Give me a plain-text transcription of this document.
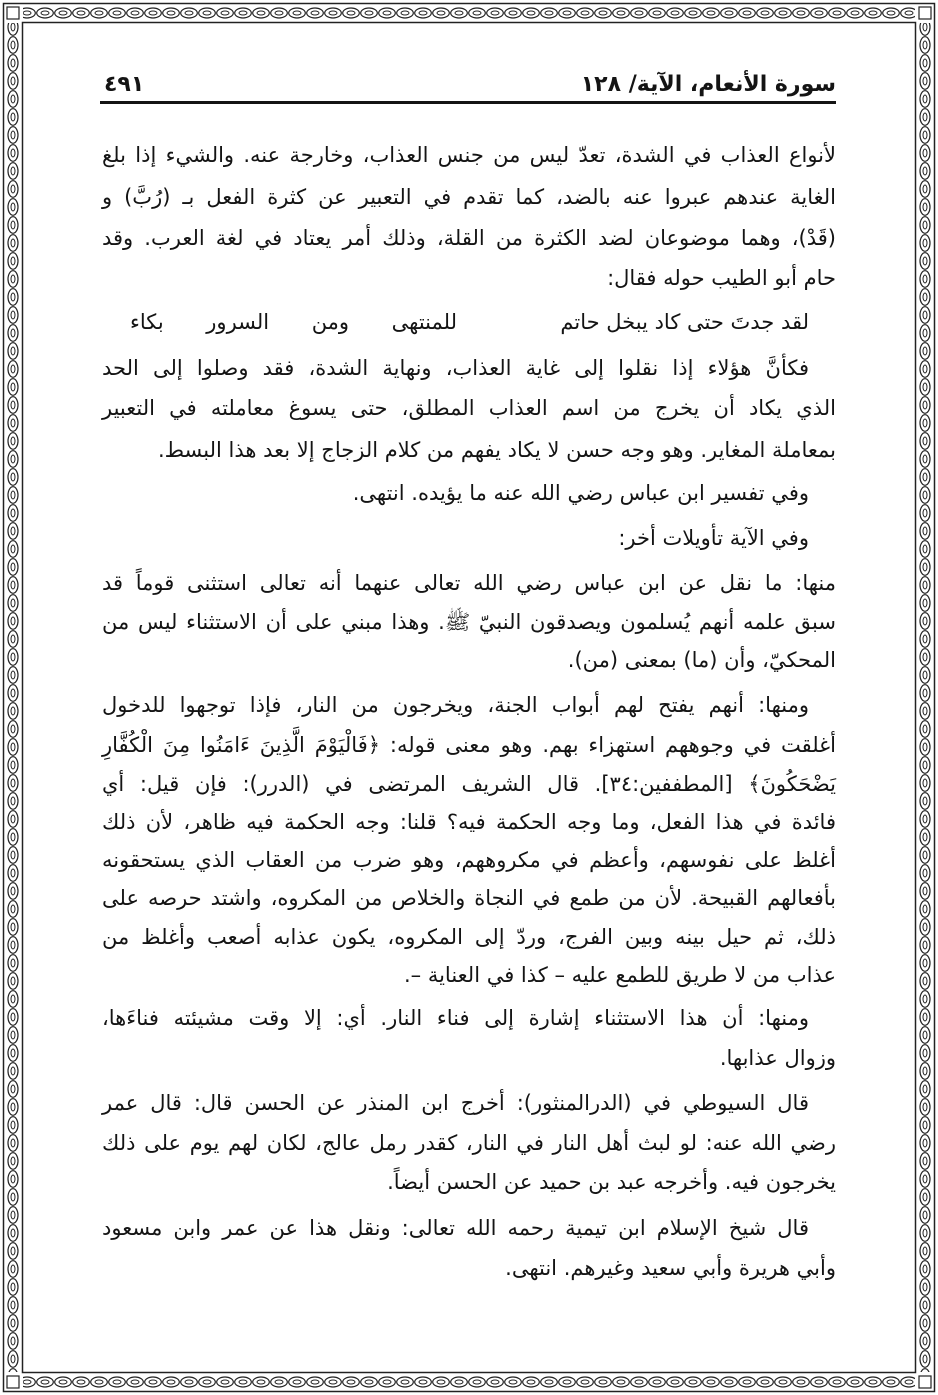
سورة الأنعام، الآية/ ١٢٨
٤٩١
لأنواع العذاب في الشدة، تعدّ ليس من جنس العذاب، وخارجة عنه. والشيء إذا بلغ
الغاية عندهم عبروا عنه بالضد، كما تقدم في التعبير عن كثرة الفعل بـ (رُبَّ) و
(قَدْ)، وهما موضوعان لضد الكثرة من القلة، وذلك أمر يعتاد في لغة العرب. وقد
حام أبو الطيب حوله فقال:
لقد جدتَ حتى كاد يبخل حاتم
للمنتهى ومن السرور بكاء
فكأنَّ هؤلاء إذا نقلوا إلى غاية العذاب، ونهاية الشدة، فقد وصلوا إلى الحد
الذي يكاد أن يخرج من اسم العذاب المطلق، حتى يسوغ معاملته في التعبير
بمعاملة المغاير. وهو وجه حسن لا يكاد يفهم من كلام الزجاج إلا بعد هذا البسط.
وفي تفسير ابن عباس رضي الله عنه ما يؤيده. انتهى.
وفي الآية تأويلات أخر:
منها: ما نقل عن ابن عباس رضي الله تعالى عنهما أنه تعالى استثنى قوماً قد
سبق علمه أنهم يُسلمون ويصدقون النبيّ ﷺ. وهذا مبني على أن الاستثناء ليس من
المحكيّ، وأن (ما) بمعنى (من).
ومنها: أنهم يفتح لهم أبواب الجنة، ويخرجون من النار، فإذا توجهوا للدخول
أغلقت في وجوههم استهزاء بهم. وهو معنى قوله: ﴿فَالْيَوْمَ الَّذِينَ ءَامَنُوا مِنَ الْكُفَّارِ
يَضْحَكُونَ﴾ [المطففين:٣٤]. قال الشريف المرتضى في (الدرر): فإن قيل: أي
فائدة في هذا الفعل، وما وجه الحكمة فيه؟ قلنا: وجه الحكمة فيه ظاهر، لأن ذلك
أغلظ على نفوسهم، وأعظم في مكروههم، وهو ضرب من العقاب الذي يستحقونه
بأفعالهم القبيحة. لأن من طمع في النجاة والخلاص من المكروه، واشتد حرصه على
ذلك، ثم حيل بينه وبين الفرج، وردّ إلى المكروه، يكون عذابه أصعب وأغلظ من
عذاب من لا طريق للطمع عليه – كذا في العناية –.
ومنها: أن هذا الاستثناء إشارة إلى فناء النار. أي: إلا وقت مشيئته فناءَها،
وزوال عذابها.
قال السيوطي في (الدرالمنثور): أخرج ابن المنذر عن الحسن قال: قال عمر
رضي الله عنه: لو لبث أهل النار في النار، كقدر رمل عالج، لكان لهم يوم على ذلك
يخرجون فيه. وأخرجه عبد بن حميد عن الحسن أيضاً.
قال شيخ الإسلام ابن تيمية رحمه الله تعالى: ونقل هذا عن عمر وابن مسعود
وأبي هريرة وأبي سعيد وغيرهم. انتهى.
